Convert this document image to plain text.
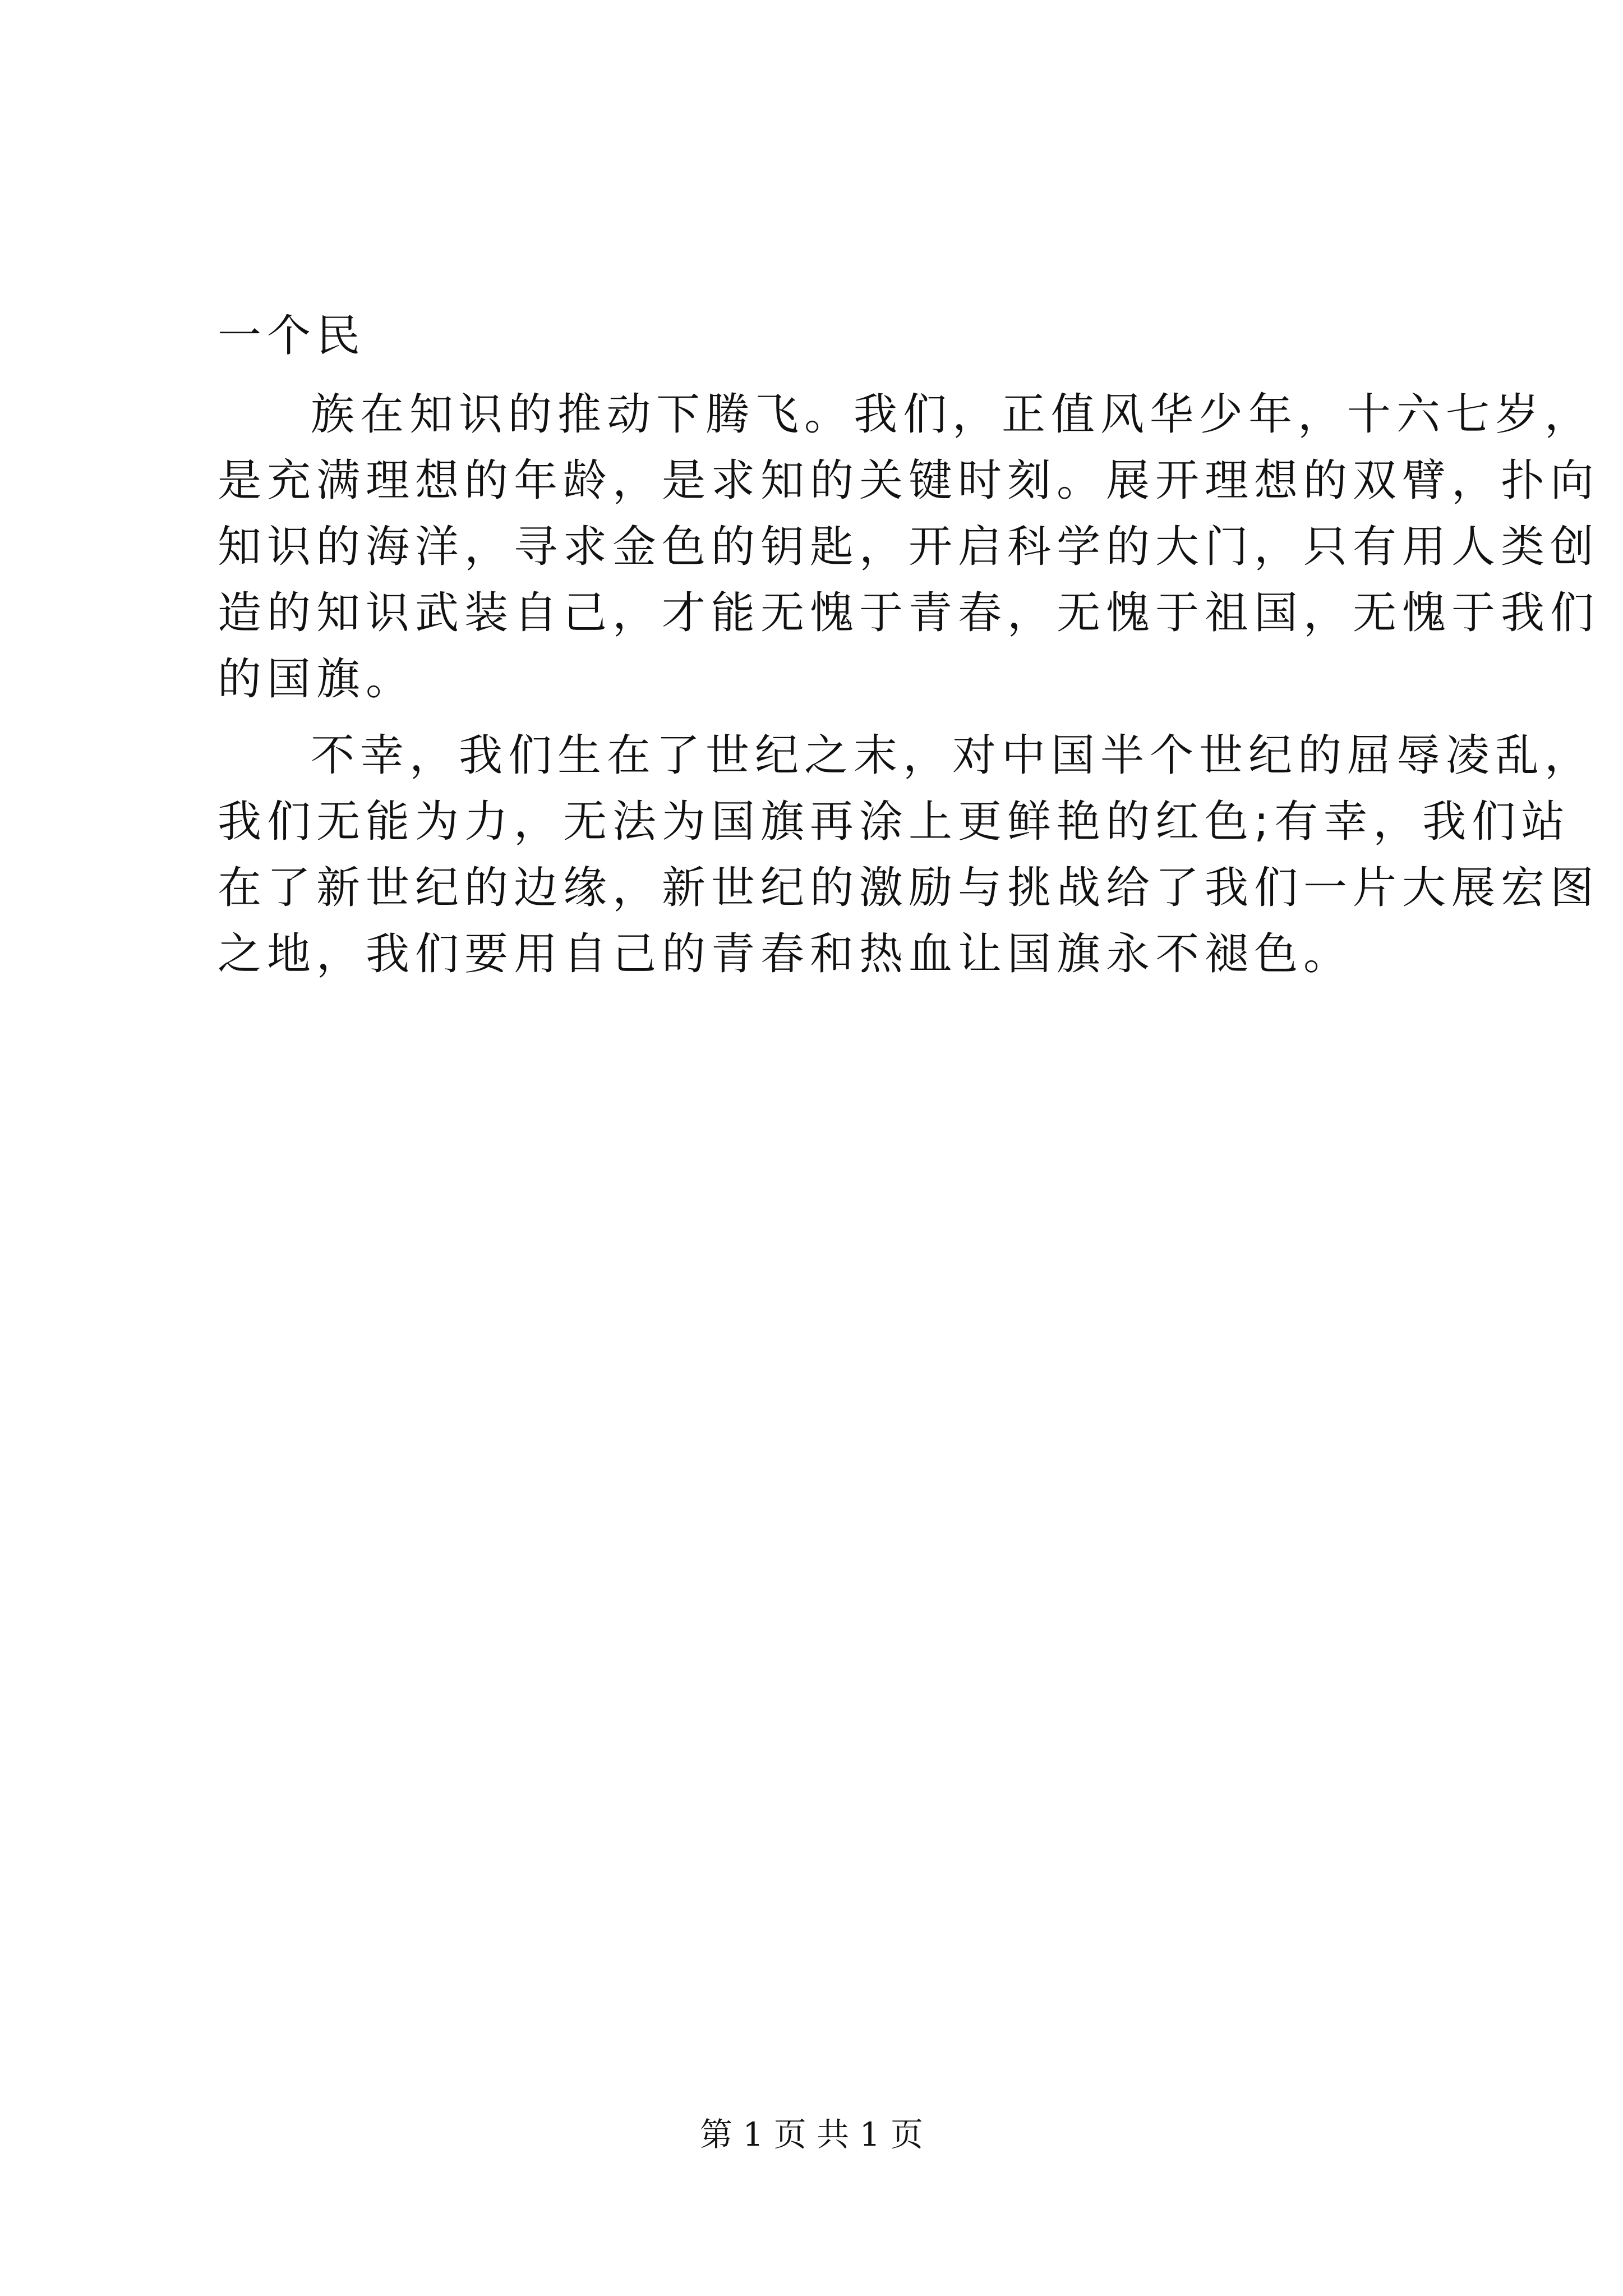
一个民

族在知识的推动下腾飞。我们，正值风华少年，十六七岁，

是充满理想的年龄，是求知的关键时刻。展开理想的双臂，扑向

知识的海洋，寻求金色的钥匙，开启科学的大门，只有用人类创

造的知识武装自己，才能无愧于青春，无愧于祖国，无愧于我们

的国旗。

不幸，我们生在了世纪之末，对中国半个世纪的屈辱凌乱，

我们无能为力，无法为国旗再涂上更鲜艳的红色;有幸，我们站

在了新世纪的边缘，新世纪的激励与挑战给了我们一片大展宏图

之地，我们要用自己的青春和热血让国旗永不褪色。

第 1 页 共 1 页
